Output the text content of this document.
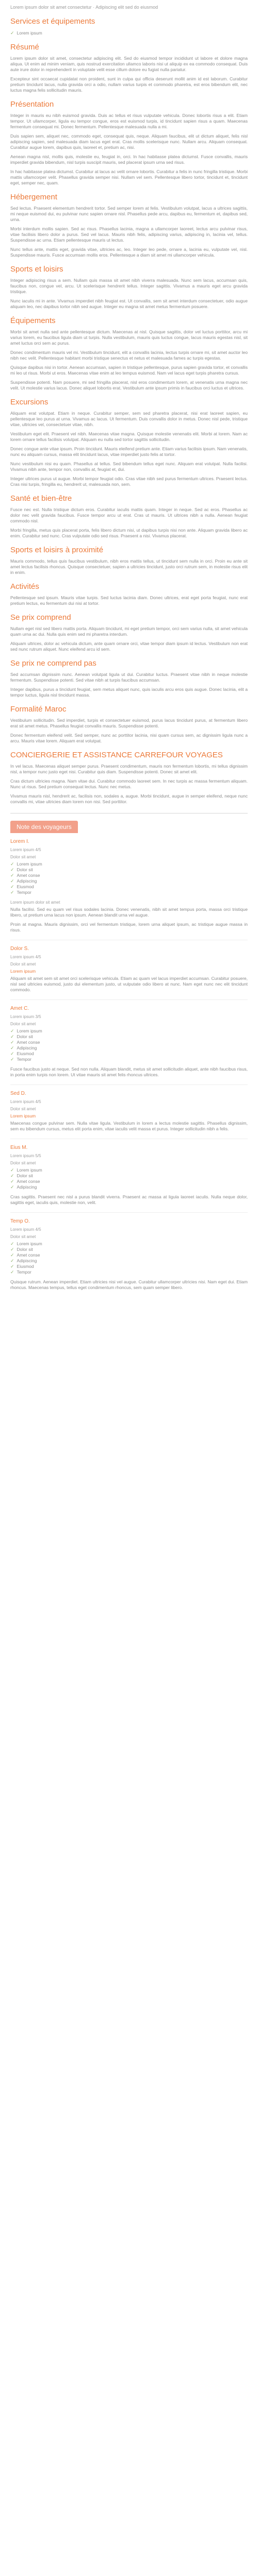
Lorem ipsum dolor sit amet consectetur · Adipiscing elit sed do eiusmod
Services et équipements
✓ Lorem ipsum
Résumé

Lorem ipsum dolor sit amet, consectetur adipiscing elit. Sed do eiusmod tempor incididunt ut labore et dolore magna aliqua. Ut enim ad minim veniam, quis nostrud exercitation ullamco laboris nisi ut aliquip ex ea commodo consequat. Duis aute irure dolor in reprehenderit in voluptate velit esse cillum dolore eu fugiat nulla pariatur.

Excepteur sint occaecat cupidatat non proident, sunt in culpa qui officia deserunt mollit anim id est laborum. Curabitur pretium tincidunt lacus, nulla gravida orci a odio, nullam varius turpis et commodo pharetra, est eros bibendum elit, nec luctus magna felis sollicitudin mauris.

Présentation

Integer in mauris eu nibh euismod gravida. Duis ac tellus et risus vulputate vehicula. Donec lobortis risus a elit. Etiam tempor. Ut ullamcorper, ligula eu tempor congue, eros est euismod turpis, id tincidunt sapien risus a quam. Maecenas fermentum consequat mi. Donec fermentum. Pellentesque malesuada nulla a mi.

Duis sapien sem, aliquet nec, commodo eget, consequat quis, neque. Aliquam faucibus, elit ut dictum aliquet, felis nisl adipiscing sapien, sed malesuada diam lacus eget erat. Cras mollis scelerisque nunc. Nullam arcu. Aliquam consequat. Curabitur augue lorem, dapibus quis, laoreet et, pretium ac, nisi.

Aenean magna nisl, mollis quis, molestie eu, feugiat in, orci. In hac habitasse platea dictumst. Fusce convallis, mauris imperdiet gravida bibendum, nisl turpis suscipit mauris, sed placerat ipsum urna sed risus.

In hac habitasse platea dictumst. Curabitur at lacus ac velit ornare lobortis. Curabitur a felis in nunc fringilla tristique. Morbi mattis ullamcorper velit. Phasellus gravida semper nisi. Nullam vel sem. Pellentesque libero tortor, tincidunt et, tincidunt eget, semper nec, quam.

Hébergement

Sed lectus. Praesent elementum hendrerit tortor. Sed semper lorem at felis. Vestibulum volutpat, lacus a ultrices sagittis, mi neque euismod dui, eu pulvinar nunc sapien ornare nisl. Phasellus pede arcu, dapibus eu, fermentum et, dapibus sed, urna.

Morbi interdum mollis sapien. Sed ac risus. Phasellus lacinia, magna a ullamcorper laoreet, lectus arcu pulvinar risus, vitae facilisis libero dolor a purus. Sed vel lacus. Mauris nibh felis, adipiscing varius, adipiscing in, lacinia vel, tellus. Suspendisse ac urna. Etiam pellentesque mauris ut lectus.

Nunc tellus ante, mattis eget, gravida vitae, ultricies ac, leo. Integer leo pede, ornare a, lacinia eu, vulputate vel, nisl. Suspendisse mauris. Fusce accumsan mollis eros. Pellentesque a diam sit amet mi ullamcorper vehicula.

Sports et loisirs

Integer adipiscing risus a sem. Nullam quis massa sit amet nibh viverra malesuada. Nunc sem lacus, accumsan quis, faucibus non, congue vel, arcu. Ut scelerisque hendrerit tellus. Integer sagittis. Vivamus a mauris eget arcu gravida tristique.

Nunc iaculis mi in ante. Vivamus imperdiet nibh feugiat est. Ut convallis, sem sit amet interdum consectetuer, odio augue aliquam leo, nec dapibus tortor nibh sed augue. Integer eu magna sit amet metus fermentum posuere.

Équipements

Morbi sit amet nulla sed ante pellentesque dictum. Maecenas at nisl. Quisque sagittis, dolor vel luctus porttitor, arcu mi varius lorem, eu faucibus ligula diam ut turpis. Nulla vestibulum, mauris quis luctus congue, lacus mauris egestas nisl, sit amet luctus orci sem ac purus.

Donec condimentum mauris vel mi. Vestibulum tincidunt, elit a convallis lacinia, lectus turpis ornare mi, sit amet auctor leo nibh nec velit. Pellentesque habitant morbi tristique senectus et netus et malesuada fames ac turpis egestas.

Quisque dapibus nisi in tortor. Aenean accumsan, sapien in tristique pellentesque, purus sapien gravida tortor, et convallis mi leo ut risus. Morbi ut eros. Maecenas vitae enim at leo tempus euismod. Nam vel lacus eget turpis pharetra cursus.

Suspendisse potenti. Nam posuere, mi sed fringilla placerat, nisl eros condimentum lorem, at venenatis urna magna nec velit. Ut molestie varius lacus. Donec aliquet lobortis erat. Vestibulum ante ipsum primis in faucibus orci luctus et ultrices.

Excursions

Aliquam erat volutpat. Etiam in neque. Curabitur semper, sem sed pharetra placerat, nisi erat laoreet sapien, eu pellentesque leo purus at urna. Vivamus ac lacus. Ut fermentum. Duis convallis dolor in metus. Donec nisl pede, tristique vitae, ultricies vel, consectetuer vitae, nibh.

Vestibulum eget elit. Praesent vel nibh. Maecenas vitae magna. Quisque molestie venenatis elit. Morbi at lorem. Nam ac lorem ornare tellus facilisis volutpat. Aliquam eu nulla sed tortor sagittis sollicitudin.

Donec congue ante vitae ipsum. Proin tincidunt. Mauris eleifend pretium ante. Etiam varius facilisis ipsum. Nam venenatis, nunc eu aliquam cursus, massa elit tincidunt lacus, vitae imperdiet justo felis at tortor.

Nunc vestibulum nisi eu quam. Phasellus at tellus. Sed bibendum tellus eget nunc. Aliquam erat volutpat. Nulla facilisi. Vivamus nibh ante, tempor non, convallis at, feugiat et, dui.

Integer ultrices purus ut augue. Morbi tempor feugiat odio. Cras vitae nibh sed purus fermentum ultrices. Praesent lectus. Cras nisi turpis, fringilla eu, hendrerit ut, malesuada non, sem.

Santé et bien-être

Fusce nec est. Nulla tristique dictum eros. Curabitur iaculis mattis quam. Integer in neque. Sed ac eros. Phasellus ac dolor nec velit gravida faucibus. Fusce tempor arcu ut erat. Cras ut mauris. Ut ultrices nibh a nulla. Aenean feugiat commodo nisl.

Morbi fringilla, metus quis placerat porta, felis libero dictum nisi, ut dapibus turpis nisi non ante. Aliquam gravida libero ac enim. Curabitur sed nunc. Cras vulputate odio sed risus. Praesent a nisi. Vivamus placerat.

Sports et loisirs à proximité

Mauris commodo, tellus quis faucibus vestibulum, nibh eros mattis tellus, ut tincidunt sem nulla in orci. Proin eu ante sit amet lectus facilisis rhoncus. Quisque consectetuer, sapien a ultricies tincidunt, justo orci rutrum sem, in molestie risus elit in enim.

Activités

Pellentesque sed ipsum. Mauris vitae turpis. Sed luctus lacinia diam. Donec ultrices, erat eget porta feugiat, nunc erat pretium lectus, eu fermentum dui nisi at tortor.

Se prix comprend

Nullam eget nisl sed libero mattis porta. Aliquam tincidunt, mi eget pretium tempor, orci sem varius nulla, sit amet vehicula quam urna ac dui. Nulla quis enim sed mi pharetra interdum.

Aliquam ultrices, dolor ac vehicula dictum, ante quam ornare orci, vitae tempor diam ipsum id lectus. Vestibulum non erat sed nunc rutrum aliquet. Nunc eleifend arcu id sem.

Se prix ne comprend pas

Sed accumsan dignissim nunc. Aenean volutpat ligula ut dui. Curabitur luctus. Praesent vitae nibh in neque molestie fermentum. Suspendisse potenti. Sed vitae nibh at turpis faucibus accumsan.

Integer dapibus, purus a tincidunt feugiat, sem metus aliquet nunc, quis iaculis arcu eros quis augue. Donec lacinia, elit a tempor luctus, ligula nisl tincidunt massa.

Formalité Maroc

Vestibulum sollicitudin. Sed imperdiet, turpis et consectetuer euismod, purus lacus tincidunt purus, at fermentum libero erat sit amet metus. Phasellus feugiat convallis mauris. Suspendisse potenti.

Donec fermentum eleifend velit. Sed semper, nunc ac porttitor lacinia, nisi quam cursus sem, ac dignissim ligula nunc a arcu. Mauris vitae lorem. Aliquam erat volutpat.

CONCIERGERIE ET ASSISTANCE CARREFOUR VOYAGES

In vel lacus. Maecenas aliquet semper purus. Praesent condimentum, mauris non fermentum lobortis, mi tellus dignissim nisl, a tempor nunc justo eget nisi. Curabitur quis diam. Suspendisse potenti. Donec sit amet elit.

Cras dictum ultricies magna. Nam vitae dui. Curabitur commodo laoreet sem. In nec turpis ac massa fermentum aliquam. Nunc ut risus. Sed pretium consequat lectus. Nunc nec metus.

Vivamus mauris nisl, hendrerit ac, facilisis non, sodales a, augue. Morbi tincidunt, augue in semper eleifend, neque nunc convallis mi, vitae ultricies diam lorem non nisi. Sed porttitor.

Note des voyageurs
Lorem I.
Lorem ipsum 4/5
Dolor sit amet
✓ Lorem ipsum
✓ Dolor sit
✓ Amet conse
✓ Adipiscing
✓ Eiusmod
✓ Tempor
Lorem ipsum dolor sit amet

Nulla facilisi. Sed eu quam vel risus sodales lacinia. Donec venenatis, nibh sit amet tempus porta, massa orci tristique libero, ut pretium urna lacus non ipsum. Aenean blandit urna vel augue.

Proin at magna. Mauris dignissim, orci vel fermentum tristique, lorem urna aliquet ipsum, ac tristique augue massa in risus.

Dolor S.
Lorem ipsum 4/5
Dolor sit amet
Lorem ipsum

Aliquam sit amet sem sit amet orci scelerisque vehicula. Etiam ac quam vel lacus imperdiet accumsan. Curabitur posuere, nisl sed ultricies euismod, justo dui elementum justo, ut vulputate odio libero at nunc. Nam eget nunc nec elit tincidunt commodo.

Amet C.
Lorem ipsum 3/5
Dolor sit amet
✓ Lorem ipsum
✓ Dolor sit
✓ Amet conse
✓ Adipiscing
✓ Eiusmod
✓ Tempor

Fusce faucibus justo at neque. Sed non nulla. Aliquam blandit, metus sit amet sollicitudin aliquet, ante nibh faucibus risus, in porta enim turpis non lorem. Ut vitae mauris sit amet felis rhoncus ultrices.

Sed D.
Lorem ipsum 4/5
Dolor sit amet
Lorem ipsum

Maecenas congue pulvinar sem. Nulla vitae ligula. Vestibulum in lorem a lectus molestie sagittis. Phasellus dignissim, sem eu bibendum cursus, metus elit porta enim, vitae iaculis velit massa et purus. Integer sollicitudin nibh a felis.

Eius M.
Lorem ipsum 5/5
Dolor sit amet
✓ Lorem ipsum
✓ Dolor sit
✓ Amet conse
✓ Adipiscing

Cras sagittis. Praesent nec nisl a purus blandit viverra. Praesent ac massa at ligula laoreet iaculis. Nulla neque dolor, sagittis eget, iaculis quis, molestie non, velit.

Temp O.
Lorem ipsum 4/5
Dolor sit amet
✓ Lorem ipsum
✓ Dolor sit
✓ Amet conse
✓ Adipiscing
✓ Eiusmod
✓ Tempor

Quisque rutrum. Aenean imperdiet. Etiam ultricies nisi vel augue. Curabitur ullamcorper ultricies nisi. Nam eget dui. Etiam rhoncus. Maecenas tempus, tellus eget condimentum rhoncus, sem quam semper libero.
